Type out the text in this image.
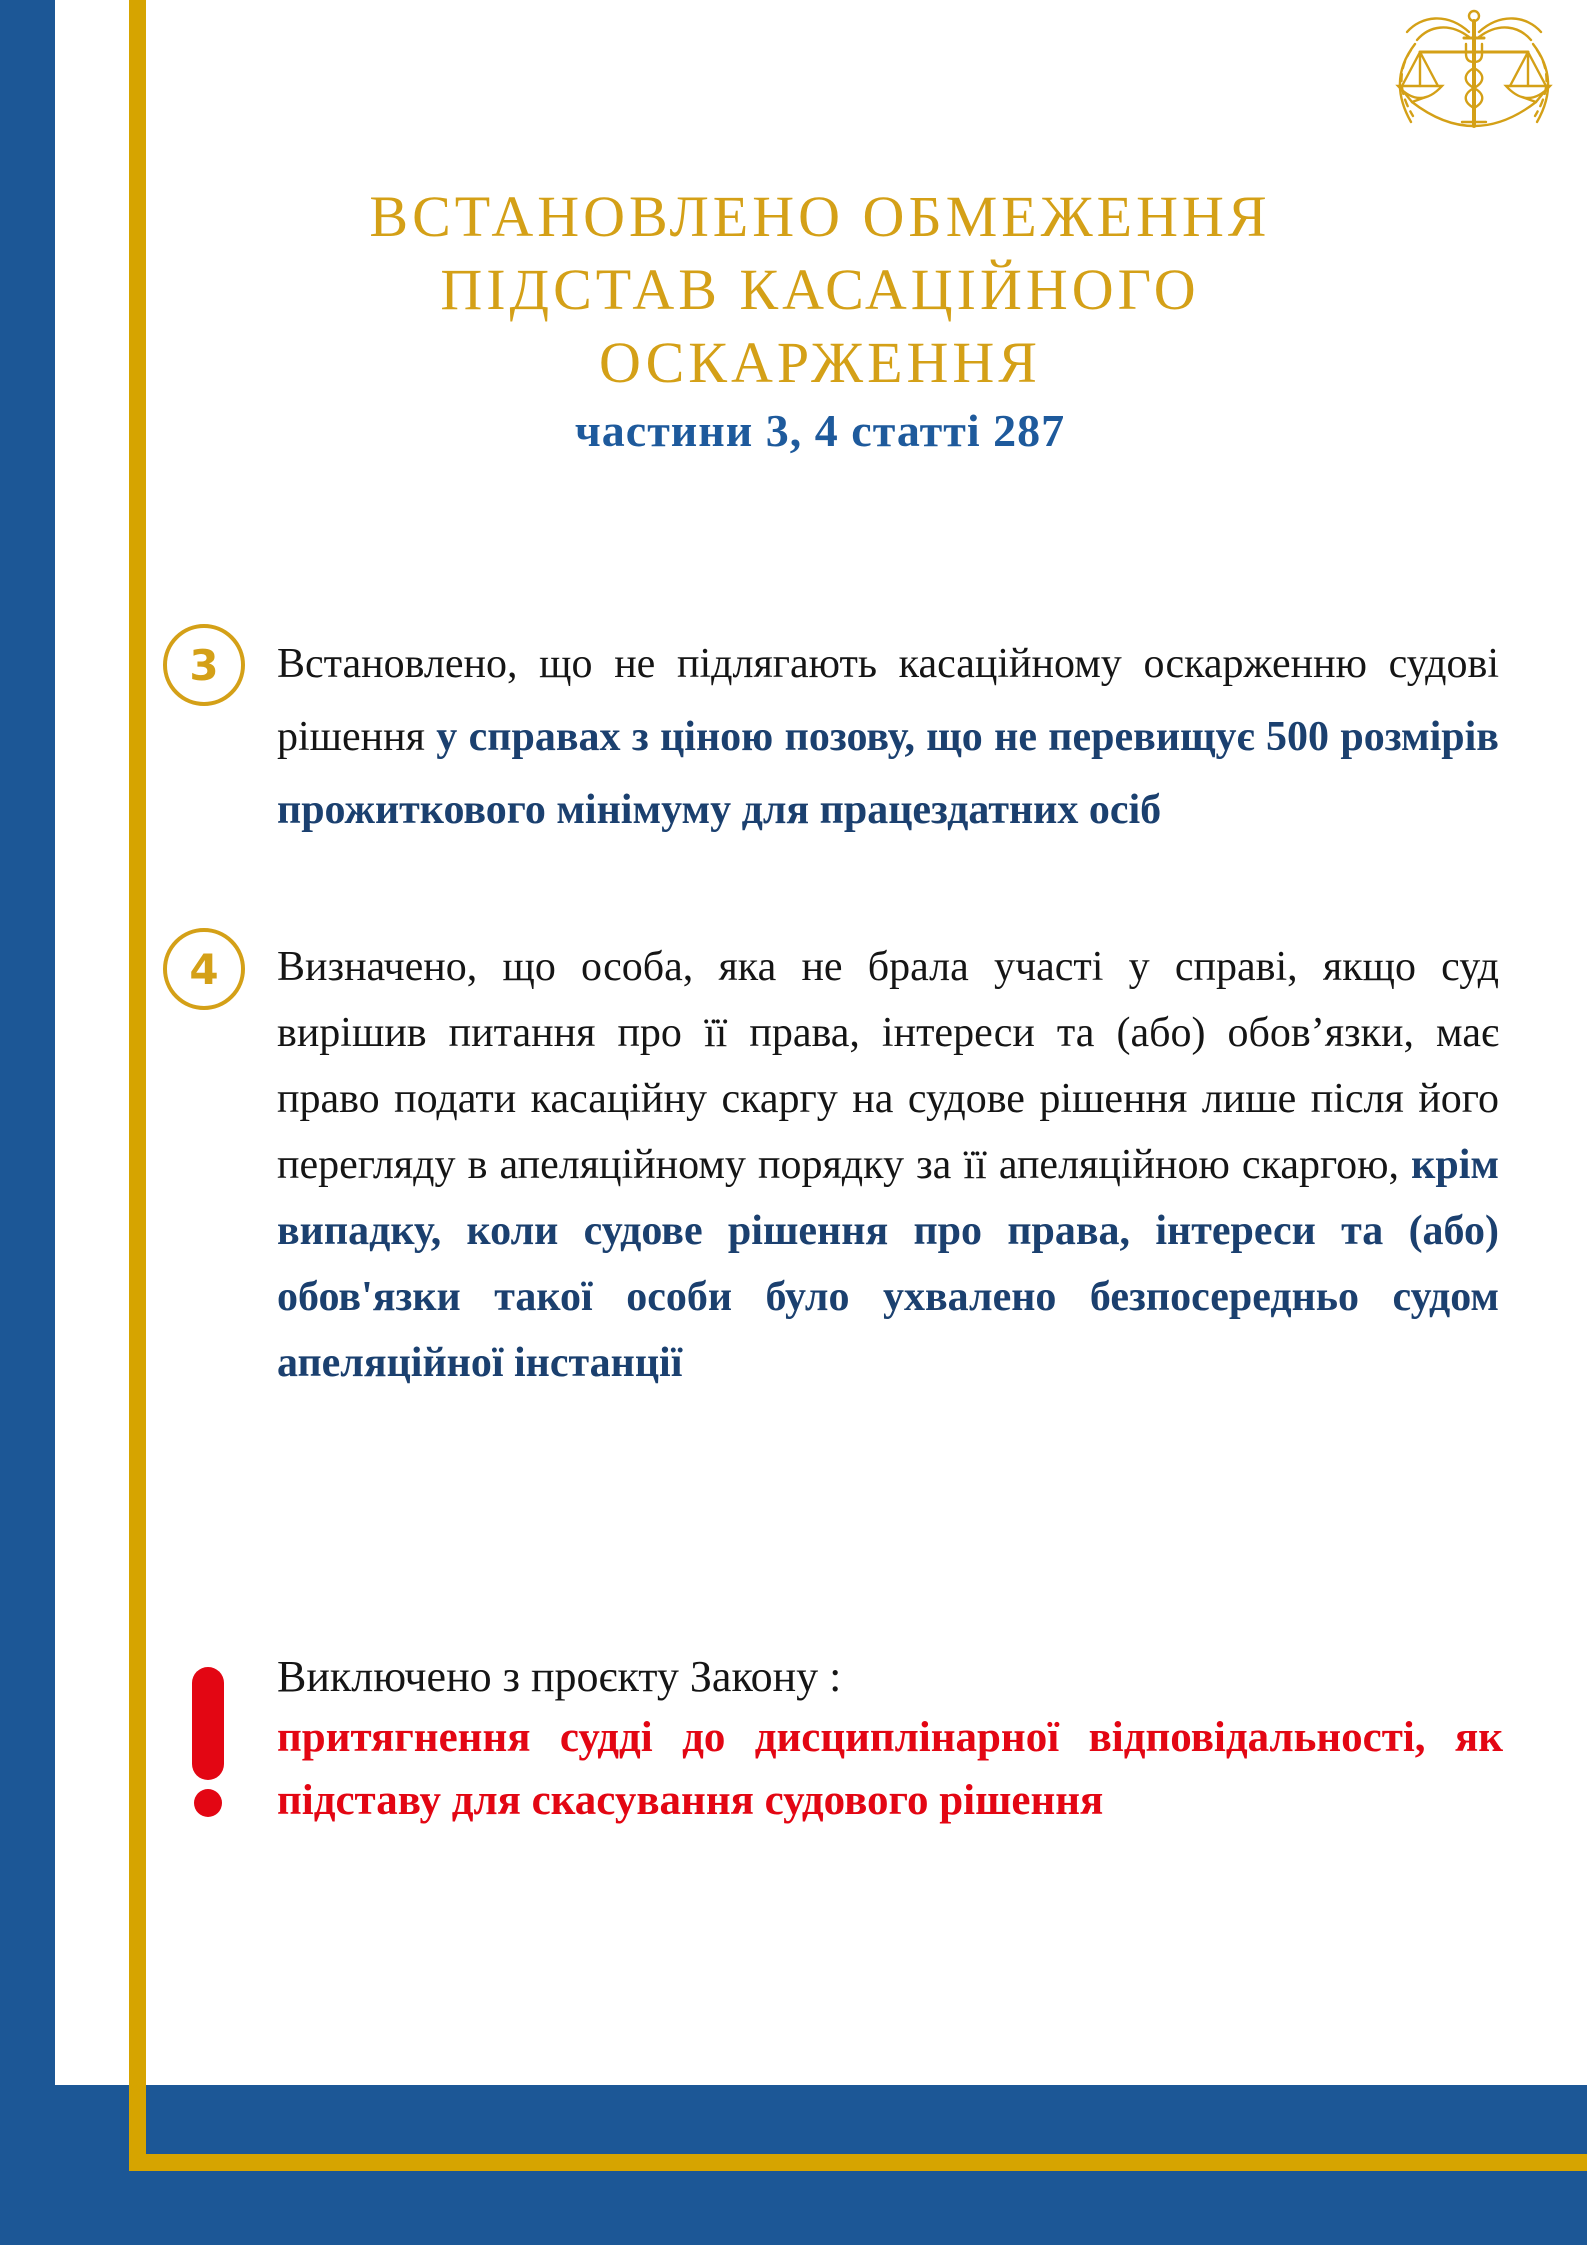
ВСТАНОВЛЕНО ОБМЕЖЕННЯ
ПІДСТАВ КАСАЦІЙНОГО
ОСКАРЖЕННЯ
частини 3, 4 статті 287
3 Встановлено, що не підлягають касаційному оскарженню судові рішення у справах з ціною позову, що не перевищує 500 розмірів прожиткового мінімуму для працездатних осіб
4 Визначено, що особа, яка не брала участі у справі, якщо суд вирішив питання про її права, інтереси та (або) обов’язки, має право подати касаційну скаргу на судове рішення лише після його перегляду в апеляційному порядку за її апеляційною скаргою, крім випадку, коли судове рішення про права, інтереси та (або) обов'язки такої особи було ухвалено безпосередньо судом апеляційної інстанції
Виключено з проєкту Закону :
притягнення судді до дисциплінарної відповідальності, як підставу для скасування судового рішення
